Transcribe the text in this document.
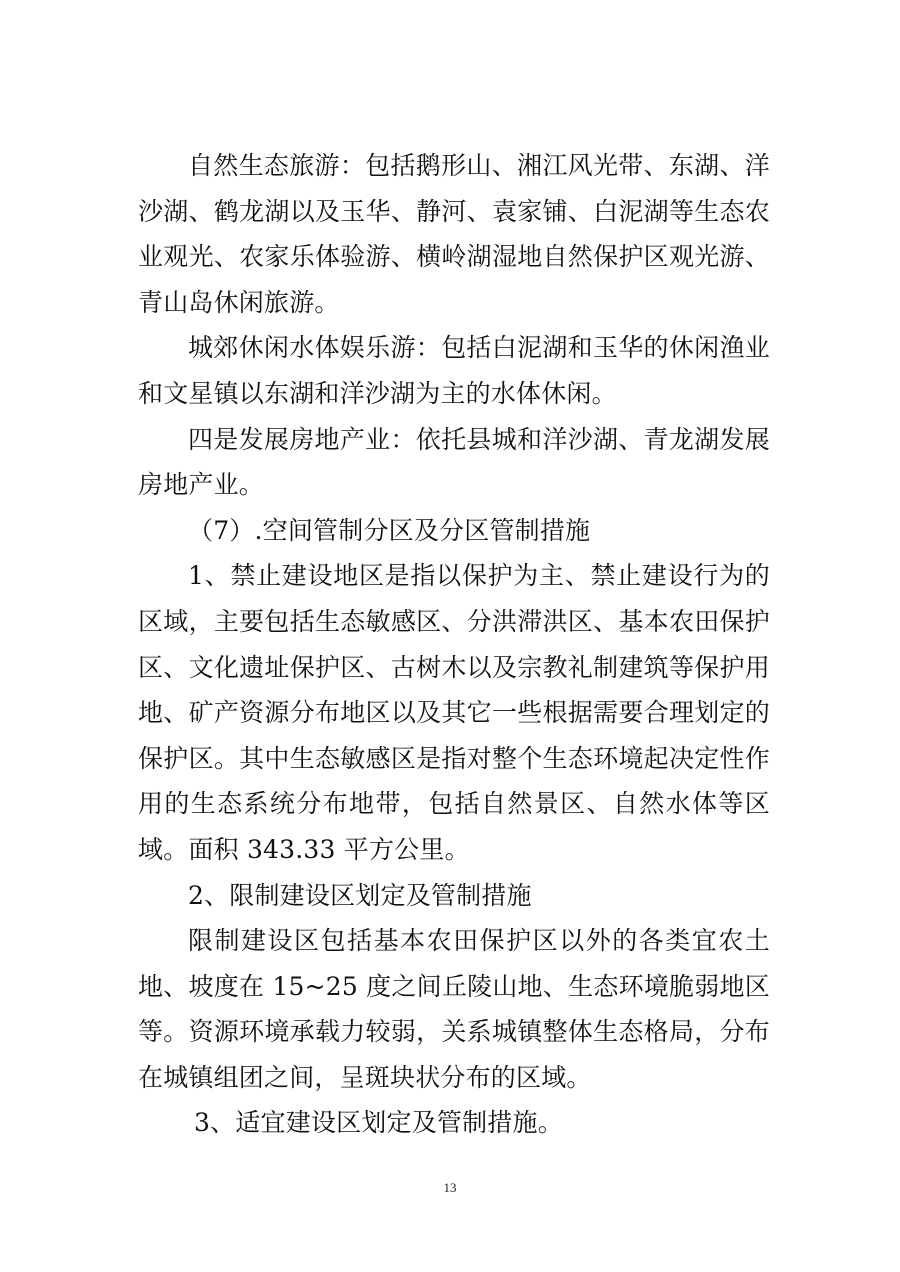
自然生态旅游：包括鹅形山、湘江风光带、东湖、洋沙湖、鹤龙湖以及玉华、静河、袁家铺、白泥湖等生态农业观光、农家乐体验游、横岭湖湿地自然保护区观光游、青山岛休闲旅游。

城郊休闲水体娱乐游：包括白泥湖和玉华的休闲渔业和文星镇以东湖和洋沙湖为主的水体休闲。

四是发展房地产业：依托县城和洋沙湖、青龙湖发展房地产业。

（7）.空间管制分区及分区管制措施

1、禁止建设地区是指以保护为主、禁止建设行为的区域，主要包括生态敏感区、分洪滞洪区、基本农田保护区、文化遗址保护区、古树木以及宗教礼制建筑等保护用地、矿产资源分布地区以及其它一些根据需要合理划定的保护区。其中生态敏感区是指对整个生态环境起决定性作用的生态系统分布地带，包括自然景区、自然水体等区域。面积 343.33 平方公里。

2、限制建设区划定及管制措施

限制建设区包括基本农田保护区以外的各类宜农土地、坡度在 15~25 度之间丘陵山地、生态环境脆弱地区等。资源环境承载力较弱，关系城镇整体生态格局，分布在城镇组团之间，呈斑块状分布的区域。

3、适宜建设区划定及管制措施。

13
